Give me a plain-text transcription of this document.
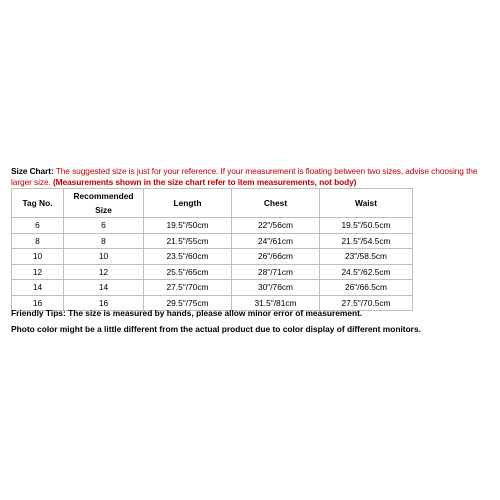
Size Chart: The suggested size is just for your reference. If your measurement is floating between two sizes, advise choosing the larger size. (Measurements shown in the size chart refer to item measurements, not body)
Tag No.	Recommended Size	Length	Chest	Waist
6	6	19.5"/50cm	22"/56cm	19.5"/50.5cm
8	8	21.5"/55cm	24"/61cm	21.5"/54.5cm
10	10	23.5"/60cm	26"/66cm	23"/58.5cm
12	12	25.5"/65cm	28"/71cm	24.5"/62.5cm
14	14	27.5"/70cm	30"/76cm	26"/66.5cm
16	16	29.5"/75cm	31.5"/81cm	27.5"/70.5cm
Friendly Tips: The size is measured by hands, please allow minor error of measurement.
Photo color might be a little different from the actual product due to color display of different monitors.
